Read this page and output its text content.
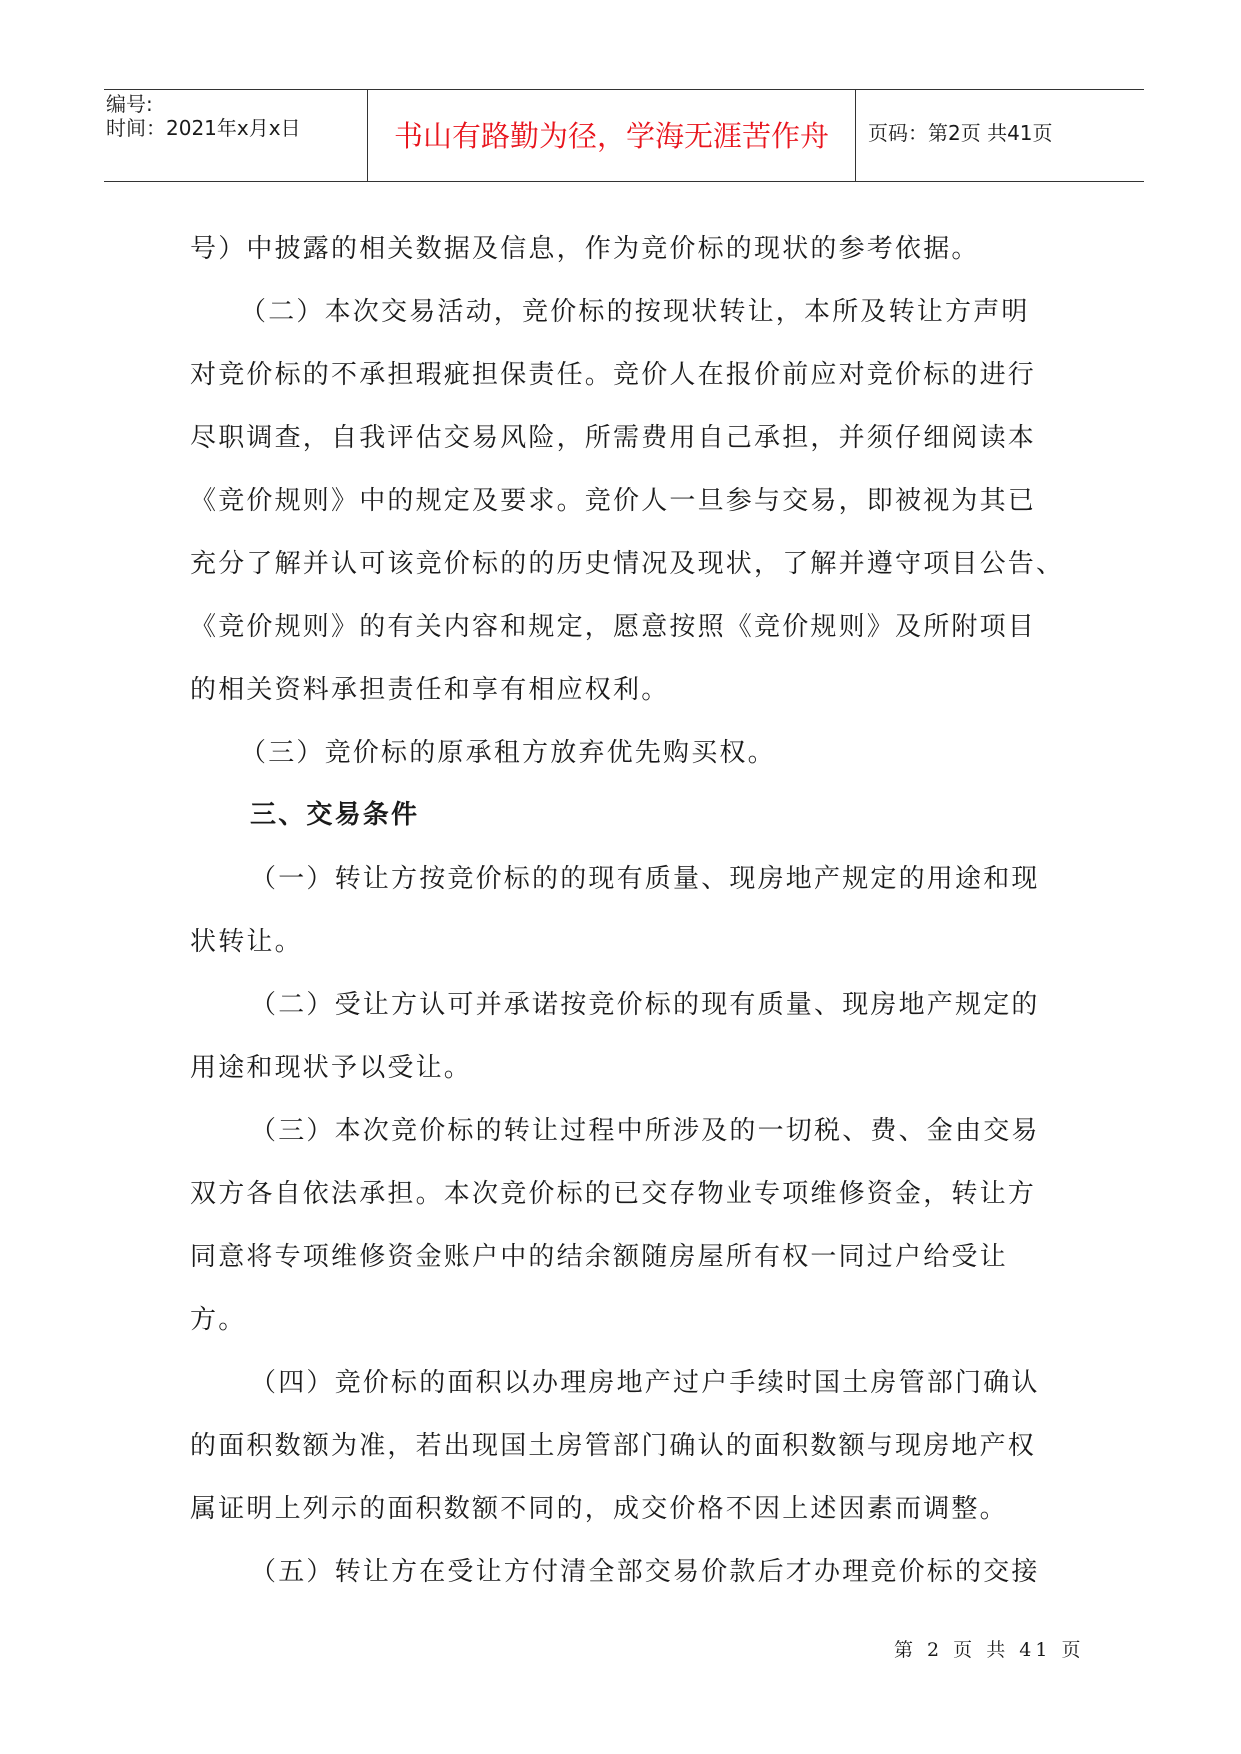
编号:
时间：2021年x月x日	书山有路勤为径，学海无涯苦作舟	页码：第2页 共41页
号）中披露的相关数据及信息，作为竞价标的现状的参考依据。
（二）本次交易活动，竞价标的按现状转让，本所及转让方声明
对竞价标的不承担瑕疵担保责任。竞价人在报价前应对竞价标的进行
尽职调查，自我评估交易风险，所需费用自己承担，并须仔细阅读本
《竞价规则》中的规定及要求。竞价人一旦参与交易，即被视为其已
充分了解并认可该竞价标的的历史情况及现状，了解并遵守项目公告、
《竞价规则》的有关内容和规定，愿意按照《竞价规则》及所附项目
的相关资料承担责任和享有相应权利。
（三）竞价标的原承租方放弃优先购买权。
三、交易条件
（一）转让方按竞价标的的现有质量、现房地产规定的用途和现
状转让。
（二）受让方认可并承诺按竞价标的现有质量、现房地产规定的
用途和现状予以受让。
（三）本次竞价标的转让过程中所涉及的一切税、费、金由交易
双方各自依法承担。本次竞价标的已交存物业专项维修资金，转让方
同意将专项维修资金账户中的结余额随房屋所有权一同过户给受让
方。
（四）竞价标的面积以办理房地产过户手续时国土房管部门确认
的面积数额为准，若出现国土房管部门确认的面积数额与现房地产权
属证明上列示的面积数额不同的，成交价格不因上述因素而调整。
（五）转让方在受让方付清全部交易价款后才办理竞价标的交接
第 2 页 共 41 页
